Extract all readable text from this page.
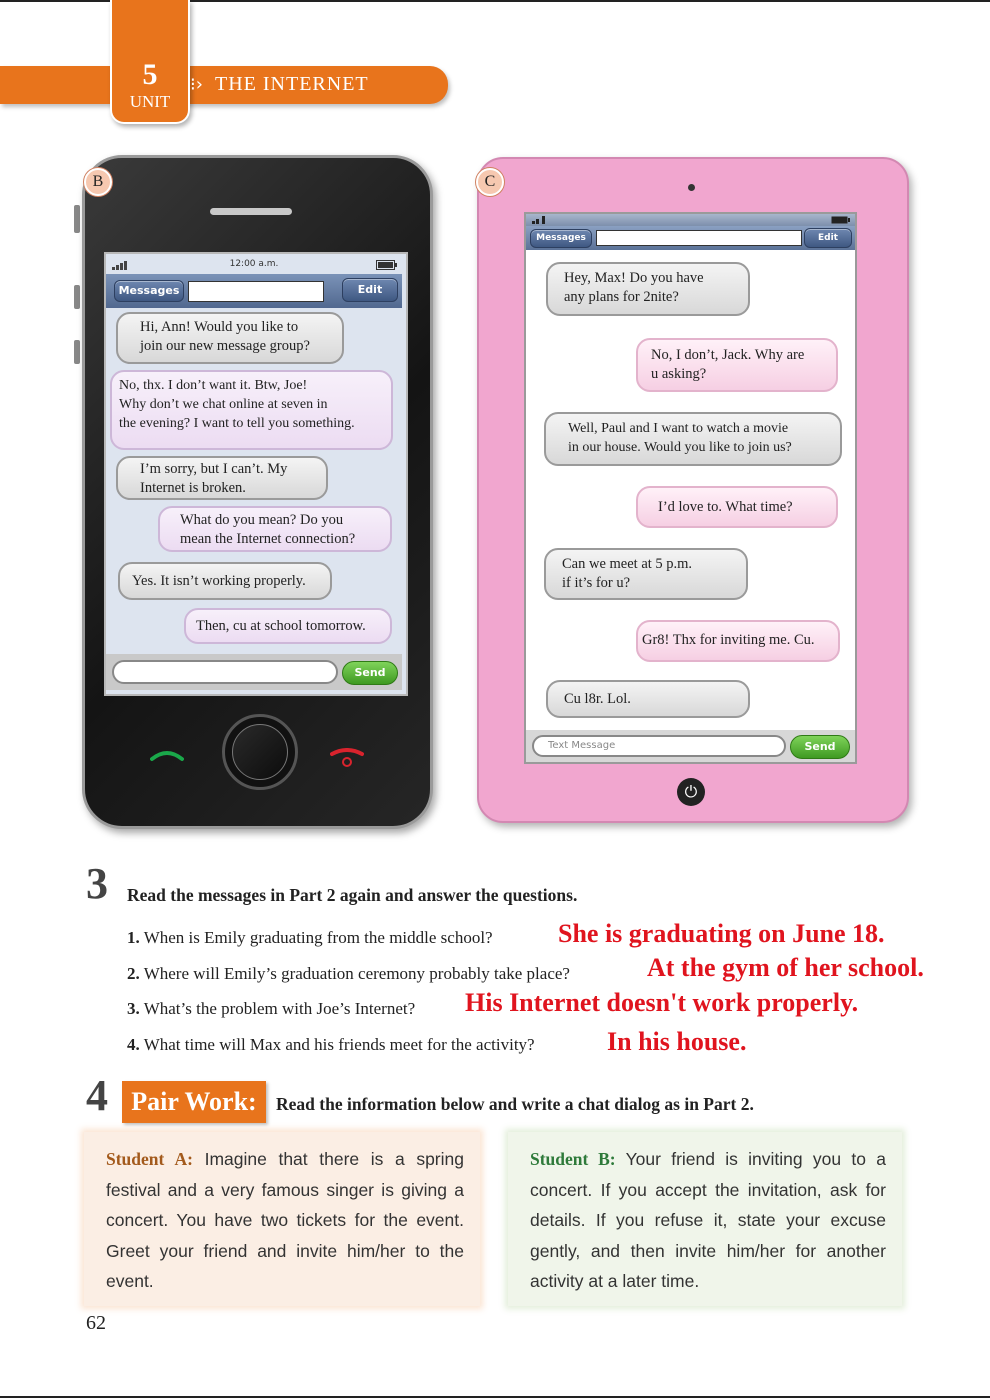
5
UNIT
⁝› THE INTERNET
B
12:00 a.m.
Messages	Edit
Hi, Ann! Would you like to
join our new message group?
No, thx. I don’t want it. Btw, Joe!
Why don’t we chat online at seven in
the evening? I want to tell you something.
I’m sorry, but I can’t. My
Internet is broken.
What do you mean? Do you
mean the Internet connection?
Yes. It isn’t working properly.
Then, cu at school tomorrow.
Send
C
Messages	Edit
Hey, Max! Do you have
any plans for 2nite?
No, I don’t, Jack. Why are
u asking?
Well, Paul and I want to watch a movie
in our house. Would you like to join us?
I’d love to. What time?
Can we meet at 5 p.m.
if it’s for u?
Gr8! Thx for inviting me. Cu.
Cu l8r. Lol.
Text Message	Send
⏻
3 Read the messages in Part 2 again and answer the questions.
1. When is Emily graduating from the middle school?	She is graduating on June 18.
2. Where will Emily’s graduation ceremony probably take place?	At the gym of her school.
3. What’s the problem with Joe’s Internet? His Internet doesn't work properly.
4. What time will Max and his friends meet for the activity?	In his house.
4 Pair Work:	Read the information below and write a chat dialog as in Part 2.
Student A: Imagine that there is a spring festival and a very famous singer is giving a concert. You have two tickets for the event. Greet your friend and invite him/her to the event.
Student B: Your friend is inviting you to a concert. If you accept the invitation, ask for details. If you refuse it, state your excuse gently, and then invite him/her for another activity at a later time.
62
